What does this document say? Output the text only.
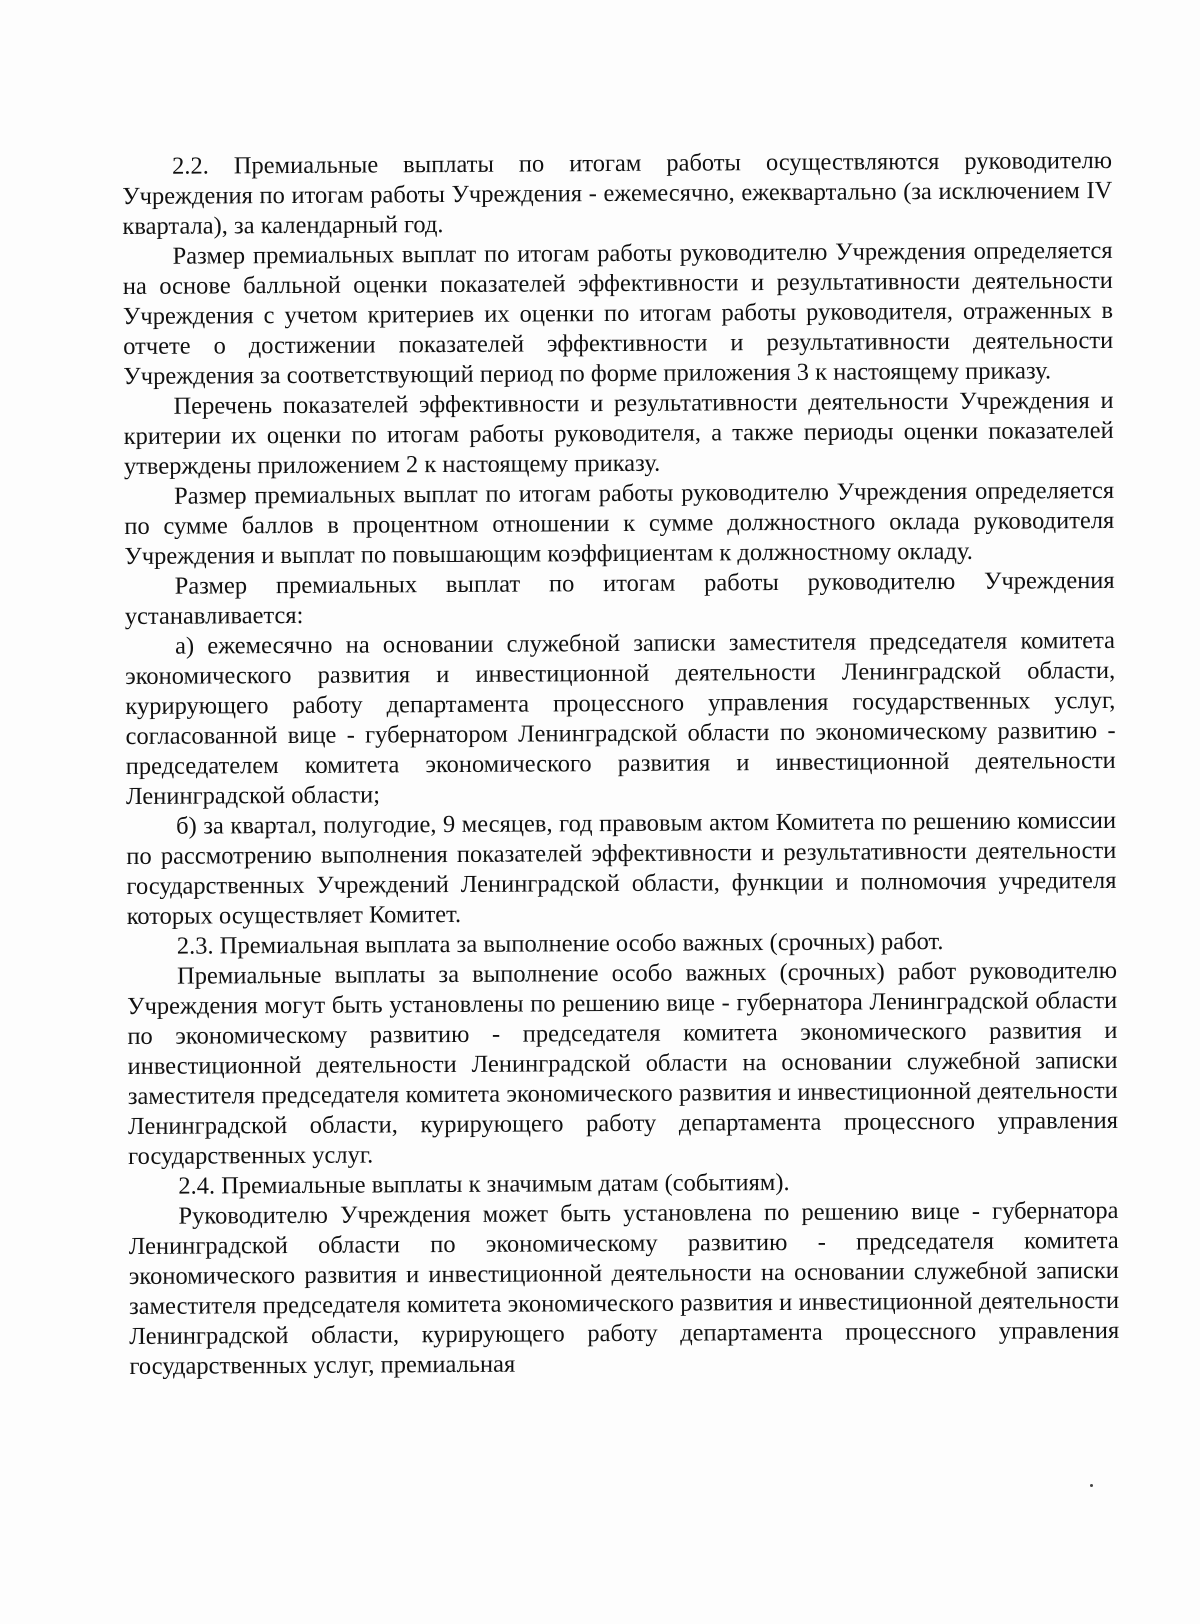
2.2. Премиальные выплаты по итогам работы осуществляются руководителю Учреждения по итогам работы Учреждения - ежемесячно, ежеквартально (за исключением IV квартала), за календарный год.

Размер премиальных выплат по итогам работы руководителю Учреждения определяется на основе балльной оценки показателей эффективности и результативности деятельности Учреждения с учетом критериев их оценки по итогам работы руководителя, отраженных в отчете о достижении показателей эффективности и результативности деятельности Учреждения за соответствующий период по форме приложения 3 к настоящему приказу.

Перечень показателей эффективности и результативности деятельности Учреждения и критерии их оценки по итогам работы руководителя, а также периоды оценки показателей утверждены приложением 2 к настоящему приказу.

Размер премиальных выплат по итогам работы руководителю Учреждения определяется по сумме баллов в процентном отношении к сумме должностного оклада руководителя Учреждения и выплат по повышающим коэффициентам к должностному окладу.

Размер премиальных выплат по итогам работы руководителю Учреждения устанавливается:

а) ежемесячно на основании служебной записки заместителя председателя комитета экономического развития и инвестиционной деятельности Ленинградской области, курирующего работу департамента процессного управления государственных услуг, согласованной вице - губернатором Ленинградской области по экономическому развитию - председателем комитета экономического развития и инвестиционной деятельности Ленинградской области;

б) за квартал, полугодие, 9 месяцев, год правовым актом Комитета по решению комиссии по рассмотрению выполнения показателей эффективности и результативности деятельности государственных Учреждений Ленинградской области, функции и полномочия учредителя которых осуществляет Комитет.

2.3. Премиальная выплата за выполнение особо важных (срочных) работ.

Премиальные выплаты за выполнение особо важных (срочных) работ руководителю Учреждения могут быть установлены по решению вице - губернатора Ленинградской области по экономическому развитию - председателя комитета экономического развития и инвестиционной деятельности Ленинградской области на основании служебной записки заместителя председателя комитета экономического развития и инвестиционной деятельности Ленинградской области, курирующего работу департамента процессного управления государственных услуг.

2.4. Премиальные выплаты к значимым датам (событиям).

Руководителю Учреждения может быть установлена по решению вице - губернатора Ленинградской области по экономическому развитию - председателя комитета экономического развития и инвестиционной деятельности на основании служебной записки заместителя председателя комитета экономического развития и инвестиционной деятельности Ленинградской области, курирующего работу департамента процессного управления государственных услуг, премиальная
